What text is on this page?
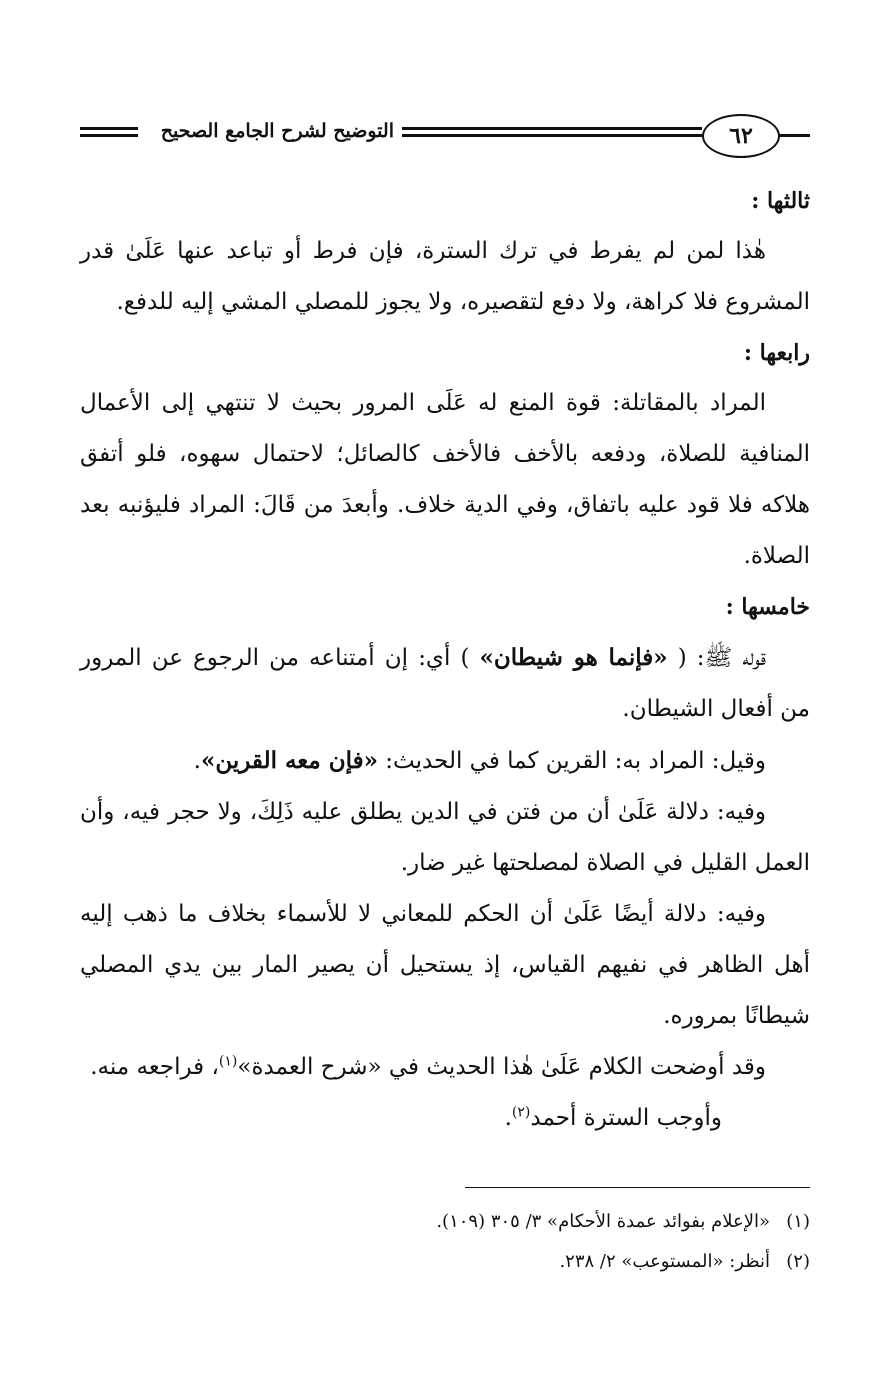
٦٢
التوضيح لشرح الجامع الصحيح

ثالثها :

هٰذا لمن لم يفرط في ترك السترة، فإن فرط أو تباعد عنها عَلَىٰ قدر المشروع فلا كراهة، ولا دفع لتقصيره، ولا يجوز للمصلي المشي إليه للدفع.

رابعها :

المراد بالمقاتلة: قوة المنع له عَلَى المرور بحيث لا تنتهي إلى الأعمال المنافية للصلاة، ودفعه بالأخف فالأخف كالصائل؛ لاحتمال سهوه، فلو أتفق هلاكه فلا قود عليه باتفاق، وفي الدية خلاف. وأبعدَ من قَالَ: المراد فليؤنبه بعد الصلاة.

خامسها :

قوله ﷺ: ( «فإنما هو شيطان» ) أي: إن أمتناعه من الرجوع عن المرور من أفعال الشيطان.

وقيل: المراد به: القرين كما في الحديث: «فإن معه القرين».

وفيه: دلالة عَلَىٰ أن من فتن في الدين يطلق عليه ذَلِكَ، ولا حجر فيه، وأن العمل القليل في الصلاة لمصلحتها غير ضار.

وفيه: دلالة أيضًا عَلَىٰ أن الحكم للمعاني لا للأسماء بخلاف ما ذهب إليه أهل الظاهر في نفيهم القياس، إذ يستحيل أن يصير المار بين يدي المصلي شيطانًا بمروره.

وقد أوضحت الكلام عَلَىٰ هٰذا الحديث في «شرح العمدة»$^{(١)}$، فراجعه منه.

وأوجب السترة أحمد$^{(٢)}$.

(١)«الإعلام بفوائد عمدة الأحكام» ٣/ ٣٠٥ (١٠٩).

(٢)أنظر: «المستوعب» ٢/ ٢٣٨.
